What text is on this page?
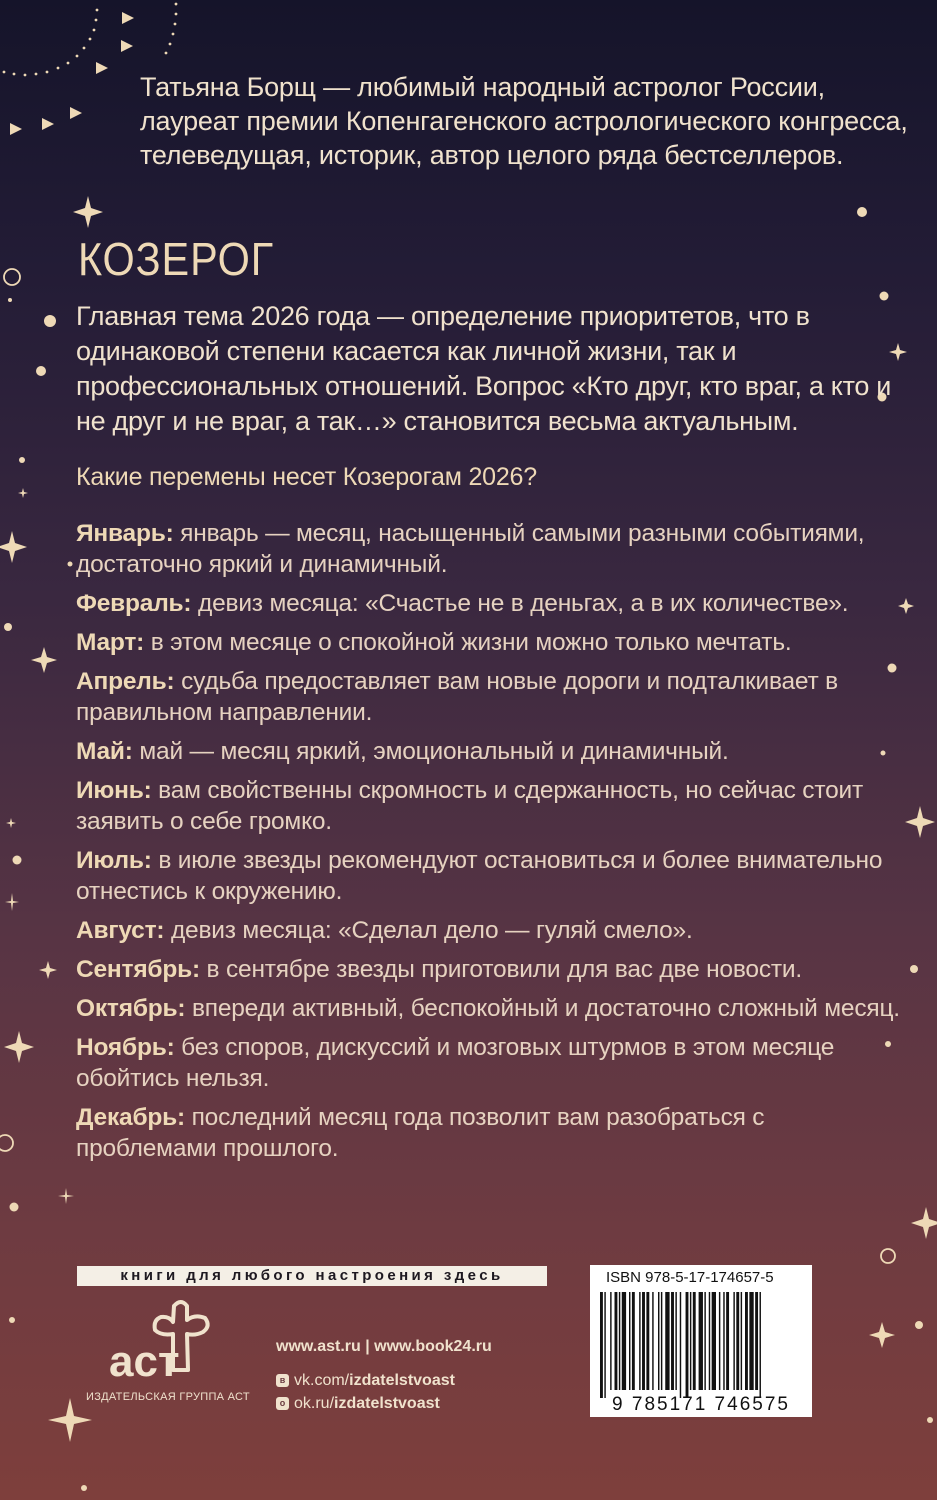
Татьяна Борщ — любимый народный астролог России, лауреат премии Копенгагенского астрологического конгресса, телеведущая, историк, автор целого ряда бестселлеров.
КОЗЕРОГ
Главная тема 2026 года — определение приоритетов, что в одинаковой степени касается как личной жизни, так и профессиональных отношений. Вопрос «Кто друг, кто враг, а кто и не друг и не враг, а так…» становится весьма актуальным.
Какие перемены несет Козерогам 2026?
Январь: январь — месяц, насыщенный самыми разными событиями, достаточно яркий и динамичный.
Февраль: девиз месяца: «Счастье не в деньгах, а в их количестве».
Март: в этом месяце о спокойной жизни можно только мечтать.
Апрель: судьба предоставляет вам новые дороги и подталкивает в правильном направлении.
Май: май — месяц яркий, эмоциональный и динамичный.
Июнь: вам свойственны скромность и сдержанность, но сейчас стоит заявить о себе громко.
Июль: в июле звезды рекомендуют остановиться и более внимательно отнестись к окружению.
Август: девиз месяца: «Сделал дело — гуляй смело».
Сентябрь: в сентябре звезды приготовили для вас две новости.
Октябрь: впереди активный, беспокойный и достаточно сложный месяц.
Ноябрь: без споров, дискуссий и мозговых штурмов в этом месяце обойтись нельзя.
Декабрь: последний месяц года позволит вам разобраться с проблемами прошлого.
книги для любого настроения здесь
аст
ИЗДАТЕЛЬСКАЯ ГРУППА АСТ
www.ast.ru | www.book24.ru
в vk.com/ izdatelstvoast
о ok.ru/ izdatelstvoast
ISBN 978-5-17-174657-5
9 785171 746575
